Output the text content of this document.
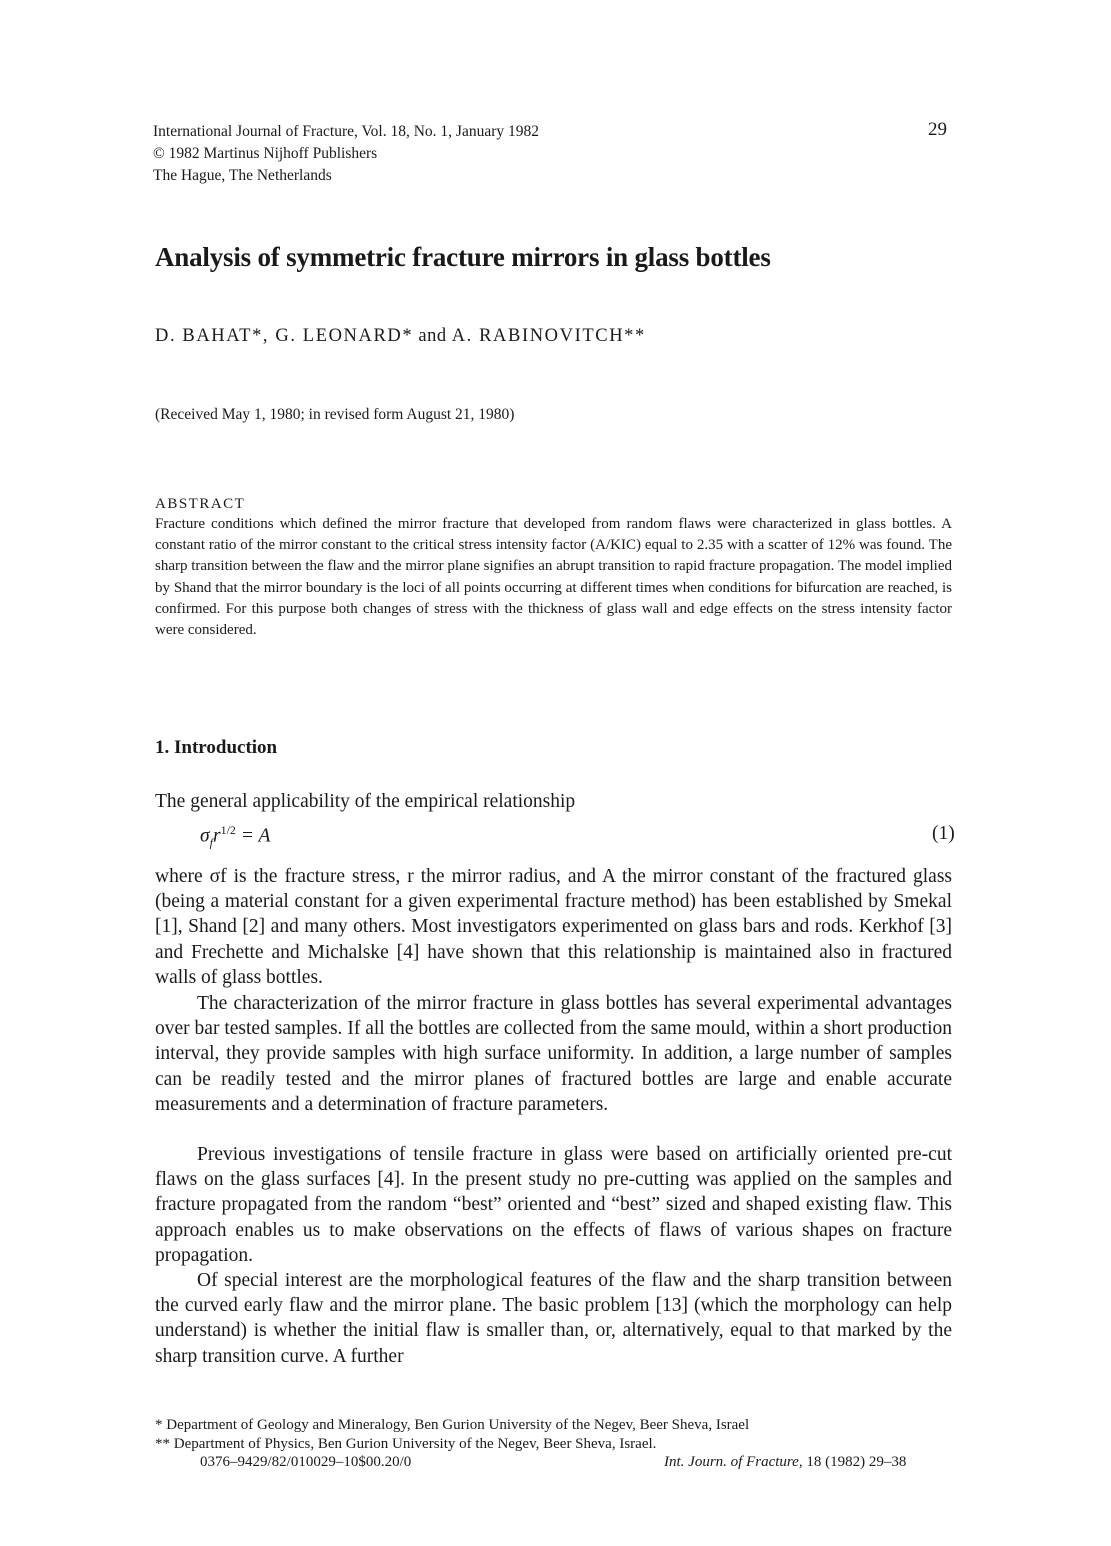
International Journal of Fracture, Vol. 18, No. 1, January 1982
© 1982 Martinus Nijhoff Publishers
The Hague, The Netherlands
29
Analysis of symmetric fracture mirrors in glass bottles
D. BAHAT*, G. LEONARD* and A. RABINOVITCH**
(Received May 1, 1980; in revised form August 21, 1980)
ABSTRACT

Fracture conditions which defined the mirror fracture that developed from random flaws were characterized in glass bottles. A constant ratio of the mirror constant to the critical stress intensity factor (A/KIC) equal to 2.35 with a scatter of 12% was found. The sharp transition between the flaw and the mirror plane signifies an abrupt transition to rapid fracture propagation. The model implied by Shand that the mirror boundary is the loci of all points occurring at different times when conditions for bifurcation are reached, is confirmed. For this purpose both changes of stress with the thickness of glass wall and edge effects on the stress intensity factor were considered.

1. Introduction

The general applicability of the empirical relationship

$\sigma_fr^{1/2} = A$	(1)

where σf is the fracture stress, r the mirror radius, and A the mirror constant of the fractured glass (being a material constant for a given experimental fracture method) has been established by Smekal [1], Shand [2] and many others. Most investigators experimented on glass bars and rods. Kerkhof [3] and Frechette and Michalske [4] have shown that this relationship is maintained also in fractured walls of glass bottles.

The characterization of the mirror fracture in glass bottles has several experimental advantages over bar tested samples. If all the bottles are collected from the same mould, within a short production interval, they provide samples with high surface uniformity. In addition, a large number of samples can be readily tested and the mirror planes of fractured bottles are large and enable accurate measurements and a determination of fracture parameters.

Previous investigations of tensile fracture in glass were based on artificially oriented pre-cut flaws on the glass surfaces [4]. In the present study no pre-cutting was applied on the samples and fracture propagated from the random “best” oriented and “best” sized and shaped existing flaw. This approach enables us to make observations on the effects of flaws of various shapes on fracture propagation.

Of special interest are the morphological features of the flaw and the sharp transition between the curved early flaw and the mirror plane. The basic problem [13] (which the morphology can help understand) is whether the initial flaw is smaller than, or, alternatively, equal to that marked by the sharp transition curve. A further

* Department of Geology and Mineralogy, Ben Gurion University of the Negev, Beer Sheva, Israel
** Department of Physics, Ben Gurion University of the Negev, Beer Sheva, Israel.
0376–9429/82/010029–10$00.20/0	Int. Journ. of Fracture, 18 (1982) 29–38
